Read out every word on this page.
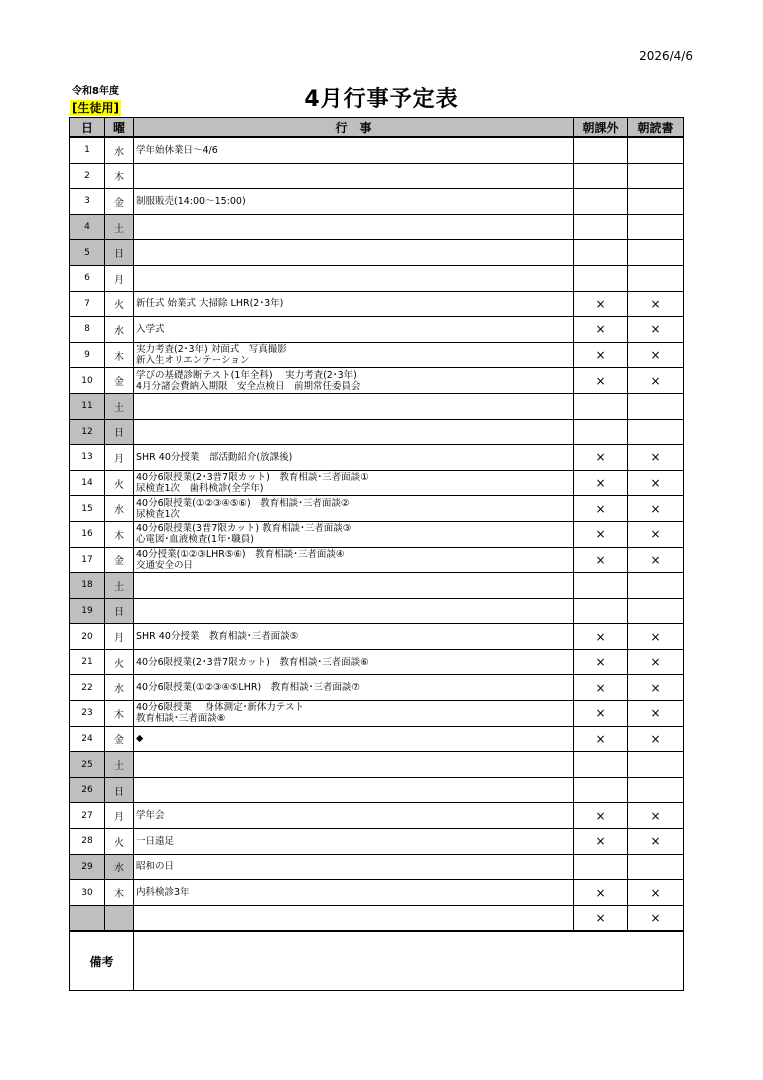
2026/4/6
令和8年度
[生徒用]	4月行事予定表
日	曜	行　事	朝課外	朝読書
1	水	学年始休業日～4/6		

2	木			
3	金	制服販売(14:00～15:00)		

4	土			
5	日			
6	月			
7	火	新任式 始業式 大掃除 LHR(2･3年)	×	×
8	水	入学式	×	×
9	木	実力考査(2･3年) 対面式　写真撮影
新入生オリエンテーション	×	×
10	金	学びの基礎診断テスト(1年全科)　 実力考査(2･3年)
4月分諸会費納入期限　安全点検日　前期常任委員会	×	×
11	土			
12	日			
13	月	SHR 40分授業　部活動紹介(放課後)	×	×
14	火	40分6限授業(2･3普7限カット)　教育相談･三者面談①
尿検査1次　歯科検診(全学年)	×	×
15	水	40分6限授業(①②③④⑤⑥)　教育相談･三者面談②
尿検査1次	×	×
16	木	40分6限授業(3普7限カット) 教育相談･三者面談③
心電図･血液検査(1年･職員)	×	×
17	金	40分授業(①②③LHR⑤⑥)　教育相談･三者面談④
交通安全の日	×	×
18	土			
19	日			
20	月	SHR 40分授業　教育相談･三者面談⑤	×	×
21	火	40分6限授業(2･3普7限カット)　教育相談･三者面談⑥	×	×
22	水	40分6限授業(①②③④⑤LHR)　教育相談･三者面談⑦	×	×
23	木	40分6限授業　 身体測定･新体力テスト
教育相談･三者面談⑧	×	×
24	金	◆	×	×
25	土			
26	日			
27	月	学年会	×	×
28	火	一日遠足	×	×
29	水	昭和の日		

30	木	内科検診3年	×	×
			×	×
備考				
